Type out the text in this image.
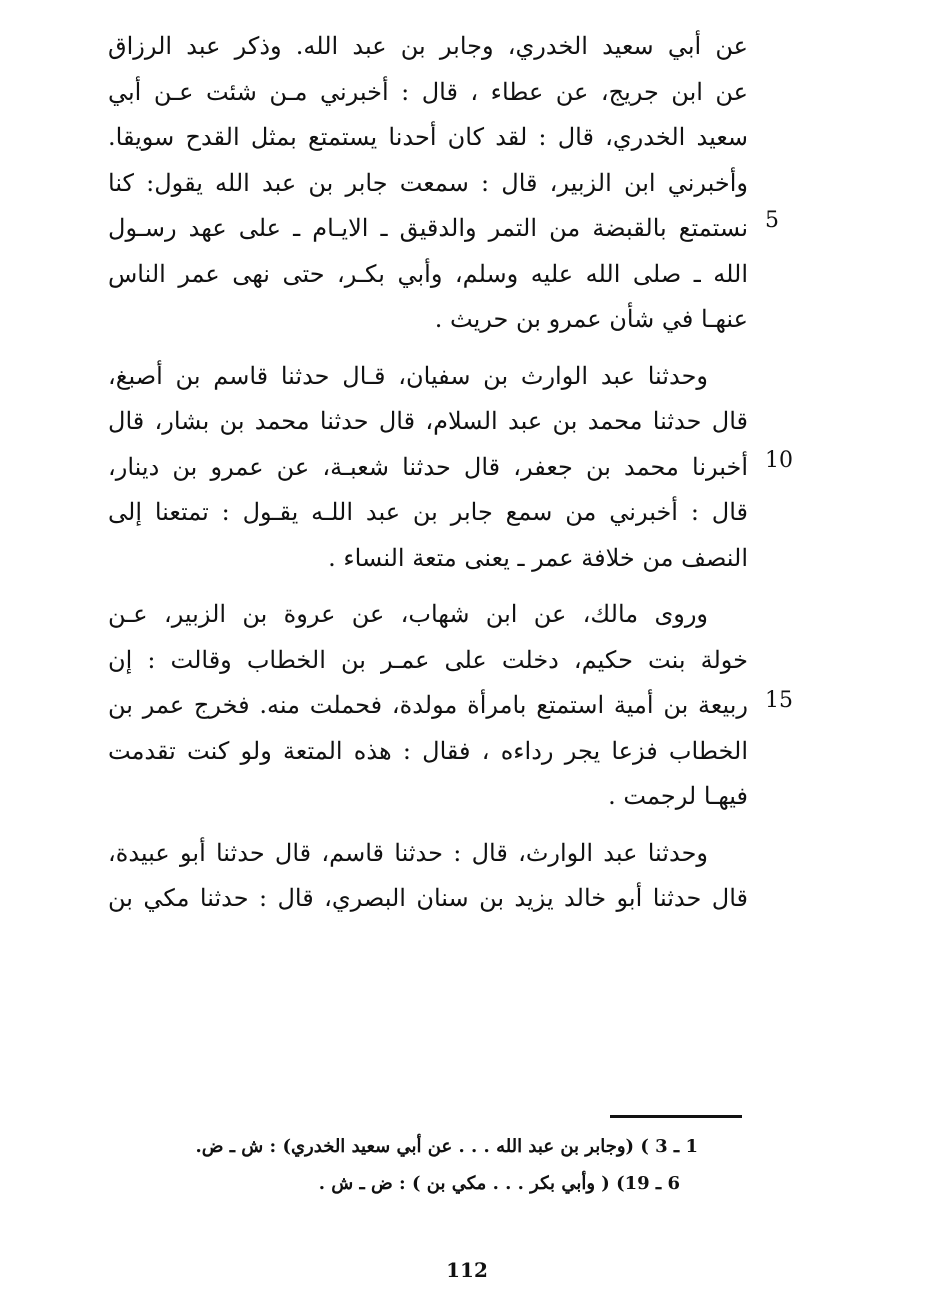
عن أبي سعيد الخدري، وجابر بن عبد الله. وذكر عبد الرزاق
عن ابن جريج، عن عطاء ، قال : أخبرني مـن شئت عـن أبي
سعيد الخدري، قال : لقد كان أحدنا يستمتع بمثل القدح سويقا.
وأخبرني ابن الزبير، قال : سمعت جابر بن عبد الله يقول: كنا
نستمتع بالقبضة من التمر والدقيق ـ الايـام ـ على عهد رسـول
الله ـ صلى الله عليه وسلم، وأبي بكـر، حتى نهى عمر الناس
عنهـا في شأن عمرو بن حريث .
وحدثنا عبد الوارث بن سفيان، قـال حدثنا قاسم بن أصبغ،
قال حدثنا محمد بن عبد السلام، قال حدثنا محمد بن بشار، قال
أخبرنا محمد بن جعفر، قال حدثنا شعبـة، عن عمرو بن دينار،
قال : أخبرني من سمع جابر بن عبد اللـه يقـول : تمتعنا إلى
النصف من خلافة عمر ـ يعنى متعة النساء .
وروى مالك، عن ابن شهاب، عن عروة بن الزبير، عـن
خولة بنت حكيم، دخلت على عمـر بن الخطاب وقالت : إن
ربيعة بن أمية استمتع بامرأة مولدة، فحملت منه. فخرج عمر بن
الخطاب فزعا يجر رداءه ، فقال : هذه المتعة ولو كنت تقدمت
فيهـا لرجمت .
وحدثنا عبد الوارث، قال : حدثنا قاسم، قال حدثنا أبو عبيدة،
قال حدثنا أبو خالد يزيد بن سنان البصري، قال : حدثنا مكي بن
5
10
15
1 ـ 3 ) (وجابر بن عبد الله . . . عن أبي سعيد الخدري) : ش ـ ض.
6 ـ 19) ( وأبي بكر . . . مكي بن ) : ض ـ ش .
112
